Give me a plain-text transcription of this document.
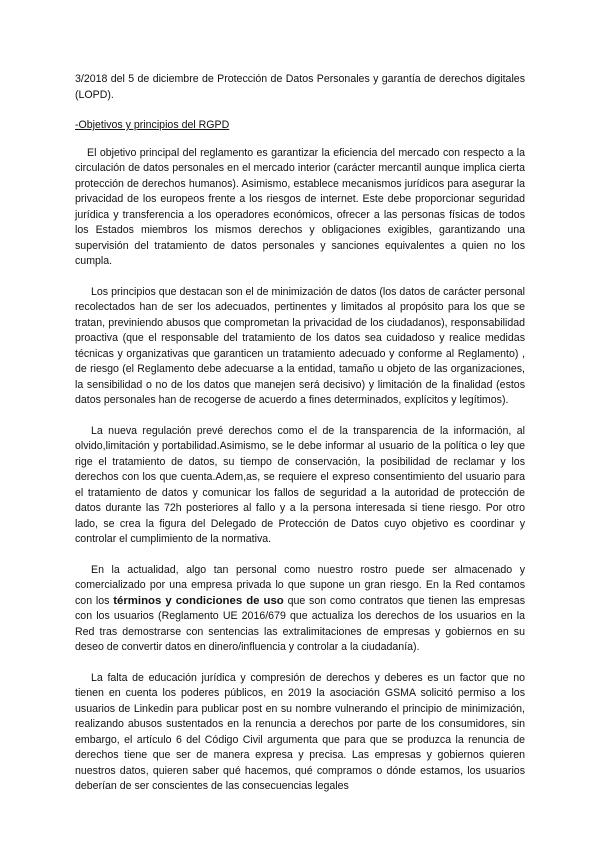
3/2018 del 5 de diciembre de Protección de Datos Personales y garantía de derechos digitales (LOPD).

-Objetivos y principios del RGPD

El objetivo principal del reglamento es garantizar la eficiencia del mercado con respecto a la circulación de datos personales en el mercado interior (carácter mercantil aunque implica cierta protección de derechos humanos). Asimismo, establece mecanismos jurídicos para asegurar la privacidad de los europeos frente a los riesgos de internet. Este debe proporcionar seguridad jurídica y transferencia a los operadores económicos, ofrecer a las personas físicas de todos los Estados miembros los mismos derechos y obligaciones exigibles, garantizando una supervisión del tratamiento de datos personales y sanciones equivalentes a quien no los cumpla.

Los principios que destacan son el de minimización de datos (los datos de carácter personal recolectados han de ser los adecuados, pertinentes y limitados al propósito para los que se tratan, previniendo abusos que comprometan la privacidad de los ciudadanos), responsabilidad proactiva (que el responsable del tratamiento de los datos sea cuidadoso y realice medidas técnicas y organizativas que garanticen un tratamiento adecuado y conforme al Reglamento) , de riesgo (el Reglamento debe adecuarse a la entidad, tamaño u objeto de las organizaciones, la sensibilidad o no de los datos que manejen será decisivo) y limitación de la finalidad (estos datos personales han de recogerse de acuerdo a fines determinados, explícitos y legítimos).

La nueva regulación prevé derechos como el de la transparencia de la información, al olvido,limitación y portabilidad.Asimismo, se le debe informar al usuario de la política o ley que rige el tratamiento de datos, su tiempo de conservación, la posibilidad de reclamar y los derechos con los que cuenta.Adem,as, se requiere el expreso consentimiento del usuario para el tratamiento de datos y comunicar los fallos de seguridad a la autoridad de protección de datos durante las 72h posteriores al fallo y a la persona interesada si tiene riesgo. Por otro lado, se crea la figura del Delegado de Protección de Datos cuyo objetivo es coordinar y controlar el cumplimiento de la normativa.

En la actualidad, algo tan personal como nuestro rostro puede ser almacenado y comercializado por una empresa privada lo que supone un gran riesgo. En la Red contamos con los términos y condiciones de uso que son como contratos que tienen las empresas con los usuarios (Reglamento UE 2016/679 que actualiza los derechos de los usuarios en la Red tras demostrarse con sentencias las extralimitaciones de empresas y gobiernos en su deseo de convertir datos en dinero/influencia y controlar a la ciudadanía).

La falta de educación jurídica y compresión de derechos y deberes es un factor que no tienen en cuenta los poderes públicos, en 2019 la asociación GSMA solicitó permiso a los usuarios de Linkedin para publicar post en su nombre vulnerando el principio de minimización, realizando abusos sustentados en la renuncia a derechos por parte de los consumidores, sin embargo, el artículo 6 del Código Civil argumenta que para que se produzca la renuncia de derechos tiene que ser de manera expresa y precisa. Las empresas y gobiernos quieren nuestros datos, quieren saber qué hacemos, qué compramos o dónde estamos, los usuarios deberían de ser conscientes de las consecuencias legales
